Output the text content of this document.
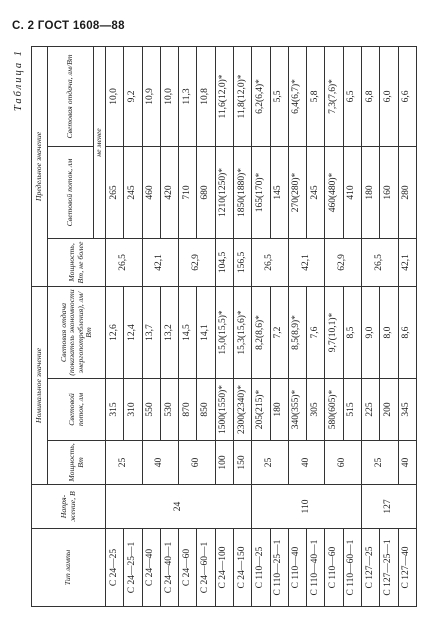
С. 2 ГОСТ 1608—88
Таблица 1
Тип лампы	Напря- жение, В	Номинальное значение			Предельное значение		
		Мощность, Вт	Световой поток, лм	Световая отдача (показатель экономности энергопотребления), лм/Вт	Мощность, Вт, не более	Световой поток, лм	Световая отдача, лм/Вт
						не менее	
С 24—25	24	25	315	12,6	26,5	265	10,0
С 24—25—1			310	12,4		245	9,2
С 24—40		40	550	13,7	42,1	460	10,9
С 24—40—1			530	13,2		420	10,0
С 24—60		60	870	14,5	62,9	710	11,3
С 24—60—1			850	14,1		680	10,8
С 24—100		100	1500(1550)*	15,0(15,5)*	104,5	1210(1250)*	11,6(12,0)*
С 24—150		150	2300(2340)*	15,3(15,6)*	156,5	1850(1880)*	11,8(12,0)*
С 110—25	110	25	205(215)*	8,2(8,6)*	26,5	165(170)*	6,2(6,4)*
С 110—25—1			180	7,2		145	5,5
С 110—40		40	340(355)*	8,5(8,9)*	42,1	270(280)*	6,4(6,7)*
С 110—40—1			305	7,6		245	5,8
С 110—60		60	580(605)*	9,7(10,1)*	62,9	460(480)*	7,3(7,6)*
С 110—60—1			515	8,5		410	6,5
С 127—25	127	25	225	9,0	26,5	180	6,8
С 127—25—1			200	8,0		160	6,0
С 127—40		40	345	8,6	42,1	280	6,6
